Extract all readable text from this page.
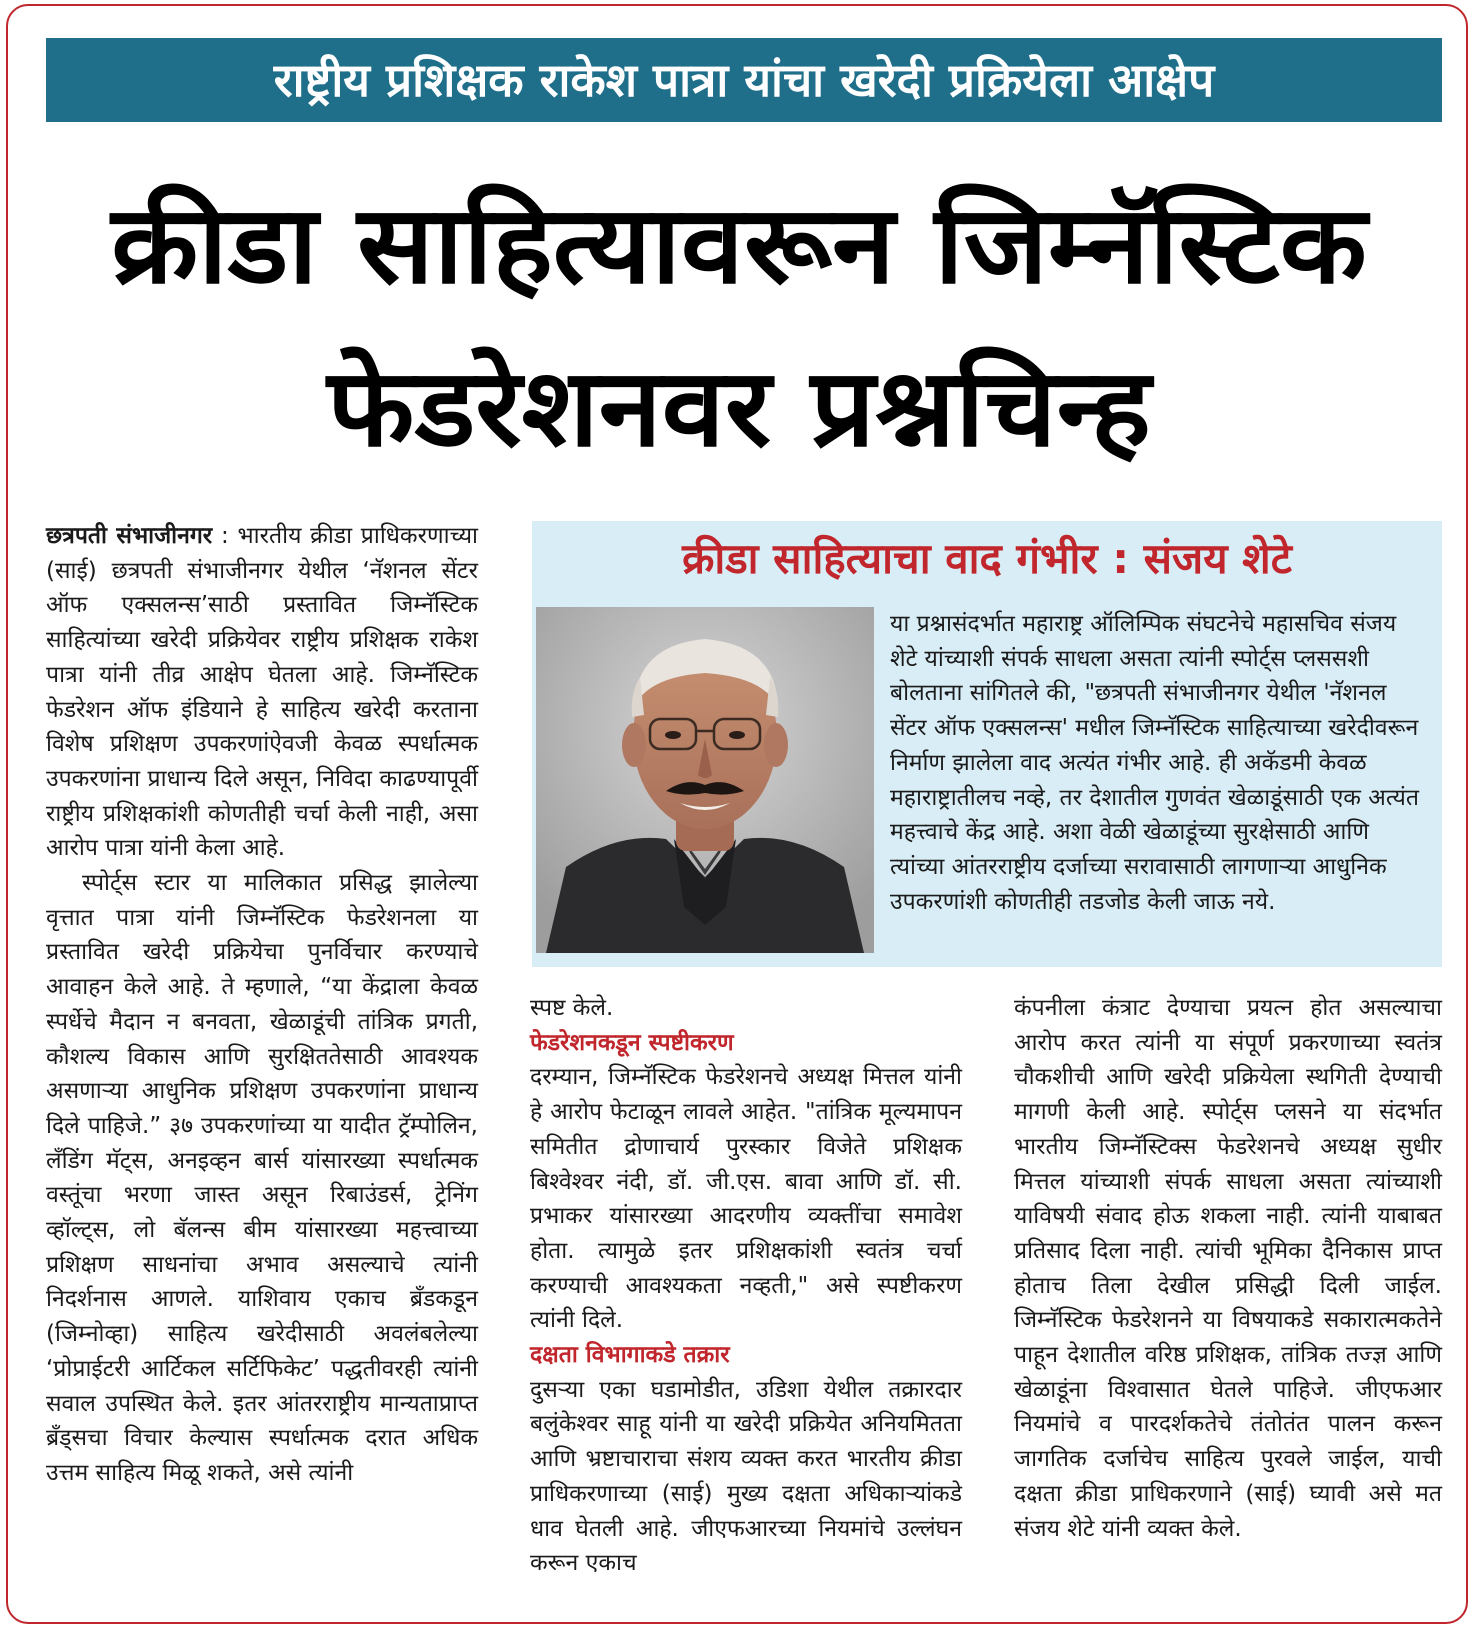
राष्ट्रीय प्रशिक्षक राकेश पात्रा यांचा खरेदी प्रक्रियेला आक्षेप
क्रीडा साहित्यावरून जिम्नॅस्टिक
फेडरेशनवर प्रश्नचिन्ह

छत्रपती संभाजीनगर : भारतीय क्रीडा प्राधिकरणाच्या (साई) छत्रपती संभाजीनगर येथील ‘नॅशनल सेंटर ऑफ एक्सलन्स’साठी प्रस्तावित जिम्नॅस्टिक साहित्यांच्या खरेदी प्रक्रियेवर राष्ट्रीय प्रशिक्षक राकेश पात्रा यांनी तीव्र आक्षेप घेतला आहे. जिम्नॅस्टिक फेडरेशन ऑफ इंडियाने हे साहित्य खरेदी करताना विशेष प्रशिक्षण उपकरणांऐवजी केवळ स्पर्धात्मक उपकरणांना प्राधान्य दिले असून, निविदा काढण्यापूर्वी राष्ट्रीय प्रशिक्षकांशी कोणतीही चर्चा केली नाही, असा आरोप पात्रा यांनी केला आहे.

स्पोर्ट्स स्टार या मालिकात प्रसिद्ध झालेल्या वृत्तात पात्रा यांनी जिम्नॅस्टिक फेडरेशनला या प्रस्तावित खरेदी प्रक्रियेचा पुनर्विचार करण्याचे आवाहन केले आहे. ते म्हणाले, “या केंद्राला केवळ स्पर्धेचे मैदान न बनवता, खेळाडूंची तांत्रिक प्रगती, कौशल्य विकास आणि सुरक्षिततेसाठी आवश्यक असणाऱ्या आधुनिक प्रशिक्षण उपकरणांना प्राधान्य दिले पाहिजे.” ३७ उपकरणांच्या या यादीत ट्रॅम्पोलिन, लँडिंग मॅट्स, अनइव्हन बार्स यांसारख्या स्पर्धात्मक वस्तूंचा भरणा जास्त असून रिबाउंडर्स, ट्रेनिंग व्हॉल्ट्स, लो बॅलन्स बीम यांसारख्या महत्त्वाच्या प्रशिक्षण साधनांचा अभाव असल्याचे त्यांनी निदर्शनास आणले. याशिवाय एकाच ब्रँडकडून (जिम्नोव्हा) साहित्य खरेदीसाठी अवलंबलेल्या ‘प्रोप्राईटरी आर्टिकल सर्टिफिकेट’ पद्धतीवरही त्यांनी सवाल उपस्थित केले. इतर आंतरराष्ट्रीय मान्यताप्राप्त ब्रँड्सचा विचार केल्यास स्पर्धात्मक दरात अधिक उत्तम साहित्य मिळू शकते, असे त्यांनी

क्रीडा साहित्याचा वाद गंभीर : संजय शेटे
या प्रश्नासंदर्भात महाराष्ट्र ऑलिम्पिक संघटनेचे महासचिव संजय शेटे यांच्याशी संपर्क साधला असता त्यांनी स्पोर्ट्स प्लससशी बोलताना सांगितले की, "छत्रपती संभाजीनगर येथील 'नॅशनल सेंटर ऑफ एक्सलन्स' मधील जिम्नॅस्टिक साहित्याच्या खरेदीवरून निर्माण झालेला वाद अत्यंत गंभीर आहे. ही अकॅडमी केवळ महाराष्ट्रातीलच नव्हे, तर देशातील गुणवंत खेळाडूंसाठी एक अत्यंत महत्त्वाचे केंद्र आहे. अशा वेळी खेळाडूंच्या सुरक्षेसाठी आणि त्यांच्या आंतरराष्ट्रीय दर्जाच्या सरावासाठी लागणाऱ्या आधुनिक उपकरणांशी कोणतीही तडजोड केली जाऊ नये.

स्पष्ट केले.

फेडरेशनकडून स्पष्टीकरण

दरम्यान, जिम्नॅस्टिक फेडरेशनचे अध्यक्ष मित्तल यांनी हे आरोप फेटाळून लावले आहेत. "तांत्रिक मूल्यमापन समितीत द्रोणाचार्य पुरस्कार विजेते प्रशिक्षक बिश्वेश्वर नंदी, डॉ. जी.एस. बावा आणि डॉ. सी. प्रभाकर यांसारख्या आदरणीय व्यक्तींचा समावेश होता. त्यामुळे इतर प्रशिक्षकांशी स्वतंत्र चर्चा करण्याची आवश्यकता नव्हती," असे स्पष्टीकरण त्यांनी दिले.

दक्षता विभागाकडे तक्रार

दुसऱ्या एका घडामोडीत, उडिशा येथील तक्रारदार बलुंकेश्वर साहू यांनी या खरेदी प्रक्रियेत अनियमितता आणि भ्रष्टाचाराचा संशय व्यक्त करत भारतीय क्रीडा प्राधिकरणाच्या (साई) मुख्य दक्षता अधिकाऱ्यांकडे धाव घेतली आहे. जीएफआरच्या नियमांचे उल्लंघन करून एकाच

कंपनीला कंत्राट देण्याचा प्रयत्न होत असल्याचा आरोप करत त्यांनी या संपूर्ण प्रकरणाच्या स्वतंत्र चौकशीची आणि खरेदी प्रक्रियेला स्थगिती देण्याची मागणी केली आहे. स्पोर्ट्स प्लसने या संदर्भात भारतीय जिम्नॅस्टिक्स फेडरेशनचे अध्यक्ष सुधीर मित्तल यांच्याशी संपर्क साधला असता त्यांच्याशी याविषयी संवाद होऊ शकला नाही. त्यांनी याबाबत प्रतिसाद दिला नाही. त्यांची भूमिका दैनिकास प्राप्त होताच तिला देखील प्रसिद्धी दिली जाईल. जिम्नॅस्टिक फेडरेशनने या विषयाकडे सकारात्मकतेने पाहून देशातील वरिष्ठ प्रशिक्षक, तांत्रिक तज्ज्ञ आणि खेळाडूंना विश्वासात घेतले पाहिजे. जीएफआर नियमांचे व पारदर्शकतेचे तंतोतंत पालन करून जागतिक दर्जाचेच साहित्य पुरवले जाईल, याची दक्षता क्रीडा प्राधिकरणाने (साई) घ्यावी असे मत संजय शेटे यांनी व्यक्त केले.
